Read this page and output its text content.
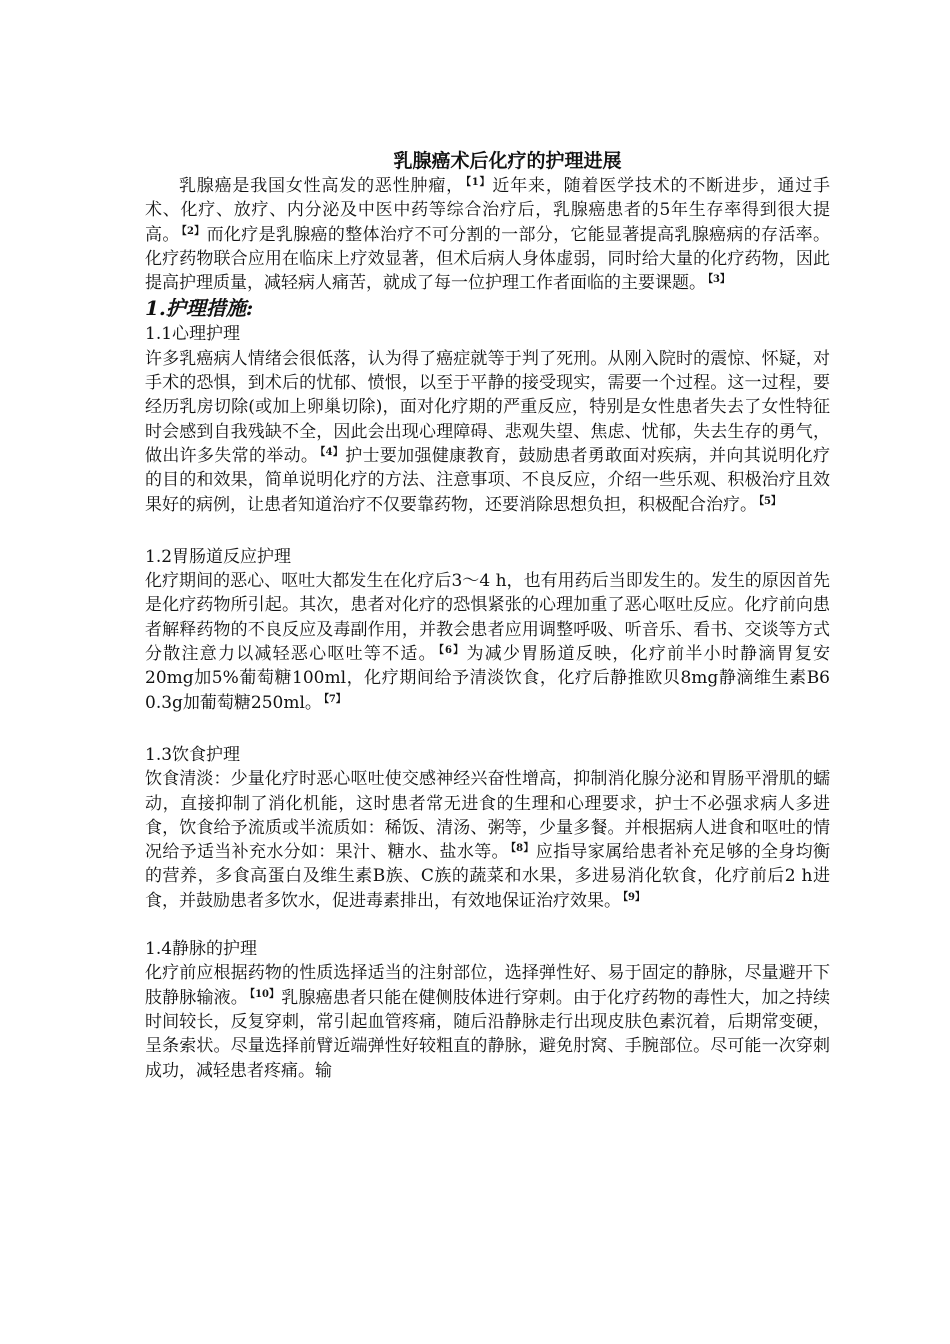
乳腺癌术后化疗的护理进展

乳腺癌是我国女性高发的恶性肿瘤， $^{【1】}$ 近年来，随着医学技术的不断进步，通过手术、化疗、放疗、内分泌及中医中药等综合治疗后，乳腺癌患者的5年生存率得到很大提高。 $^{【2】}$ 而化疗是乳腺癌的整体治疗不可分割的一部分，它能显著提高乳腺癌病的存活率。化疗药物联合应用在临床上疗效显著，但术后病人身体虚弱，同时给大量的化疗药物，因此提高护理质量，减轻病人痛苦，就成了每一位护理工作者面临的主要课题。 $^{【3】}$

1.护理措施:
1.1心理护理

许多乳癌病人情绪会很低落，认为得了癌症就等于判了死刑。从刚入院时的震惊、怀疑，对手术的恐惧，到术后的忧郁、愤恨，以至于平静的接受现实，需要一个过程。这一过程，要经历乳房切除(或加上卵巢切除)，面对化疗期的严重反应，特别是女性患者失去了女性特征时会感到自我残缺不全，因此会出现心理障碍、悲观失望、焦虑、忧郁，失去生存的勇气，做出许多失常的举动。 $^{【4】}$ 护士要加强健康教育，鼓励患者勇敢面对疾病，并向其说明化疗的目的和效果，简单说明化疗的方法、注意事项、不良反应，介绍一些乐观、积极治疗且效果好的病例，让患者知道治疗不仅要靠药物，还要消除思想负担，积极配合治疗。 $^{【5】}$

1.2胃肠道反应护理

化疗期间的恶心、呕吐大都发生在化疗后3～4 h，也有用药后当即发生的。发生的原因首先是化疗药物所引起。其次，患者对化疗的恐惧紧张的心理加重了恶心呕吐反应。化疗前向患者解释药物的不良反应及毒副作用，并教会患者应用调整呼吸、听音乐、看书、交谈等方式分散注意力以减轻恶心呕吐等不适。 $^{【6】}$ 为减少胃肠道反映，化疗前半小时静滴胃复安20mg加5%葡萄糖100ml，化疗期间给予清淡饮食，化疗后静推欧贝8mg静滴维生素B6 0.3g加葡萄糖250ml。 $^{【7】}$

1.3饮食护理

饮食清淡：少量化疗时恶心呕吐使交感神经兴奋性增高，抑制消化腺分泌和胃肠平滑肌的蠕动，直接抑制了消化机能，这时患者常无进食的生理和心理要求，护士不必强求病人多进食，饮食给予流质或半流质如：稀饭、清汤、粥等，少量多餐。并根据病人进食和呕吐的情况给予适当补充水分如：果汁、糖水、盐水等。 $^{【8】}$ 应指导家属给患者补充足够的全身均衡的营养，多食高蛋白及维生素B族、C族的蔬菜和水果，多进易消化软食，化疗前后2 h进食，并鼓励患者多饮水，促进毒素排出，有效地保证治疗效果。 $^{【9】}$

1.4静脉的护理

化疗前应根据药物的性质选择适当的注射部位，选择弹性好、易于固定的静脉，尽量避开下肢静脉输液。 $^{【10】}$ 乳腺癌患者只能在健侧肢体进行穿刺。由于化疗药物的毒性大，加之持续时间较长，反复穿刺，常引起血管疼痛，随后沿静脉走行出现皮肤色素沉着，后期常变硬，呈条索状。尽量选择前臂近端弹性好较粗直的静脉，避免肘窝、手腕部位。尽可能一次穿刺成功，减轻患者疼痛。输
